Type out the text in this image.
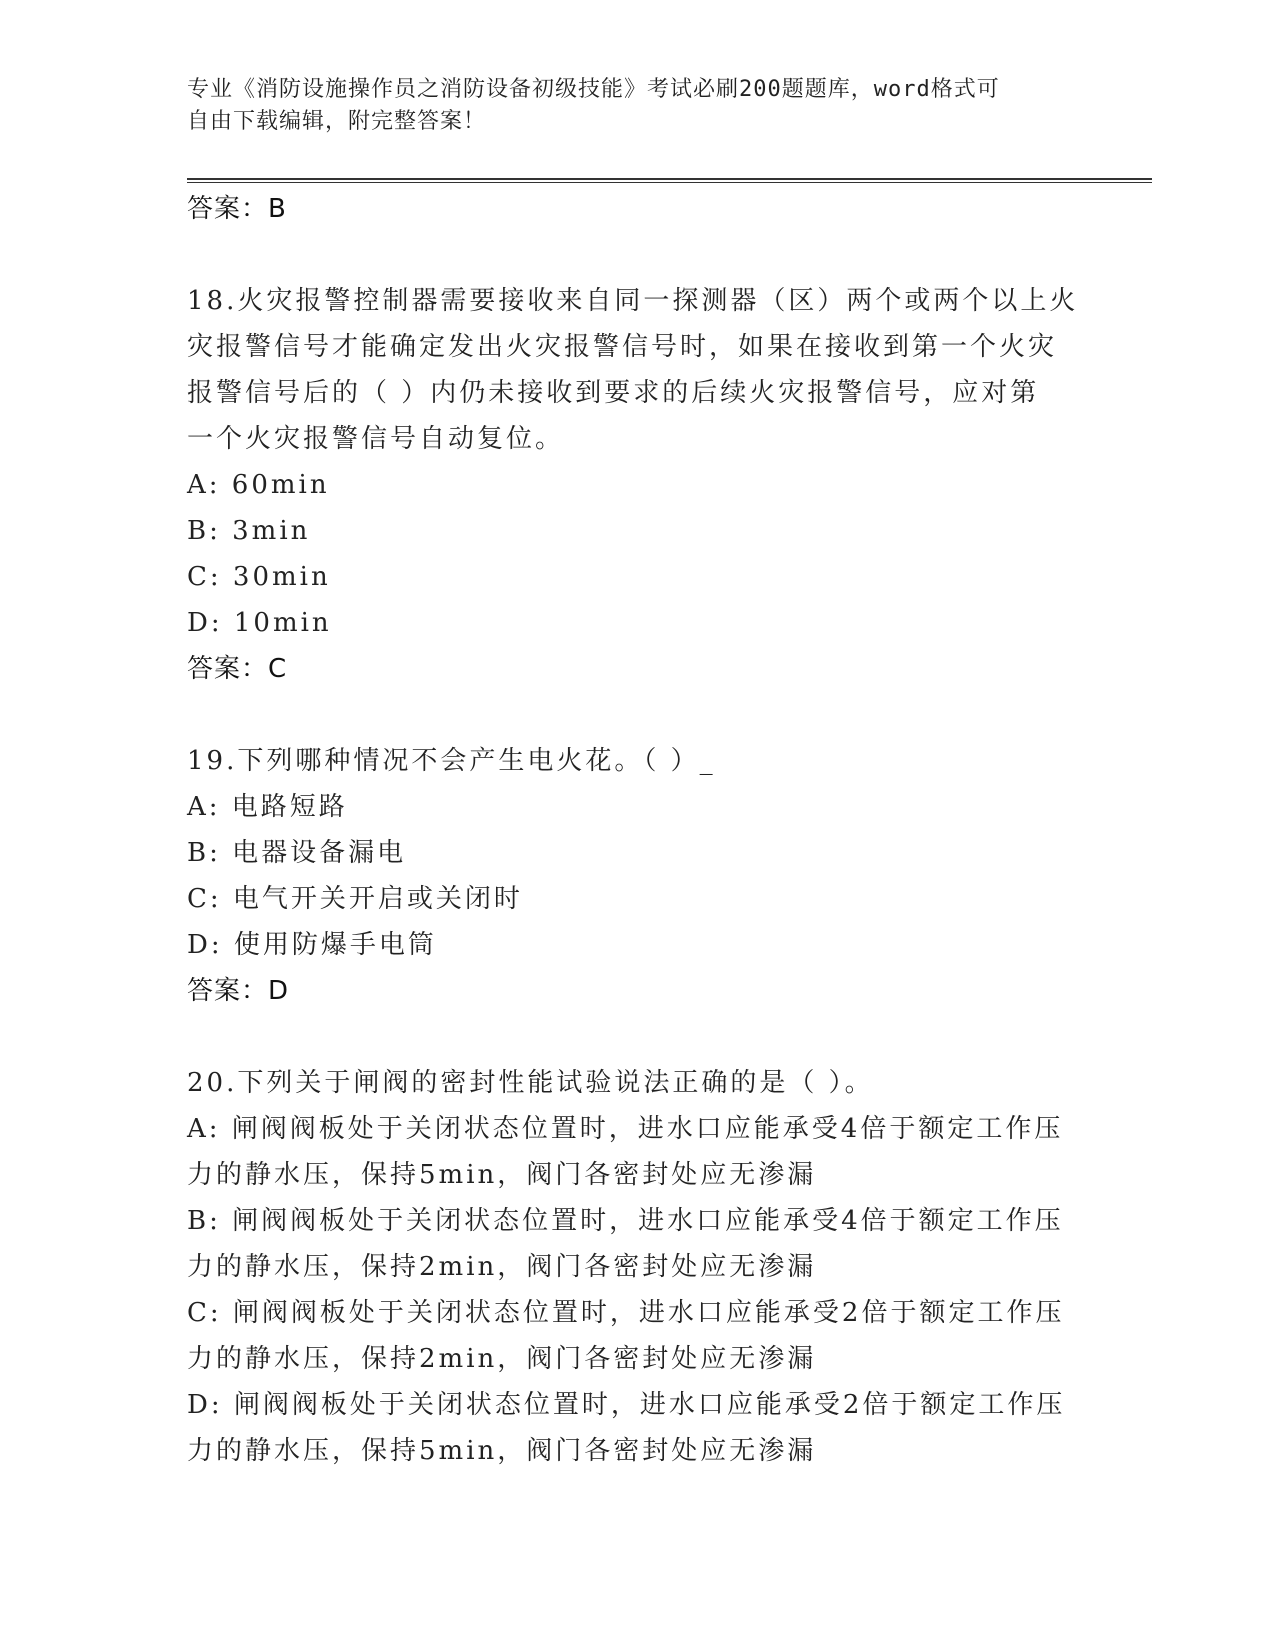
专业《消防设施操作员之消防设备初级技能》考试必刷200题题库，word格式可
自由下载编辑，附完整答案！
答案：B
18.火灾报警控制器需要接收来自同一探测器（区）两个或两个以上火
灾报警信号才能确定发出火灾报警信号时，如果在接收到第一个火灾
报警信号后的（ ）内仍未接收到要求的后续火灾报警信号，应对第
一个火灾报警信号自动复位。
A: 60min
B: 3min
C: 30min
D: 10min
答案：C
19.下列哪种情况不会产生电火花。（ ）_
A: 电路短路
B: 电器设备漏电
C: 电气开关开启或关闭时
D: 使用防爆手电筒
答案：D
20.下列关于闸阀的密封性能试验说法正确的是（ ）。
A: 闸阀阀板处于关闭状态位置时，进水口应能承受4倍于额定工作压
力的静水压，保持5min，阀门各密封处应无渗漏
B: 闸阀阀板处于关闭状态位置时，进水口应能承受4倍于额定工作压
力的静水压，保持2min，阀门各密封处应无渗漏
C: 闸阀阀板处于关闭状态位置时，进水口应能承受2倍于额定工作压
力的静水压，保持2min，阀门各密封处应无渗漏
D: 闸阀阀板处于关闭状态位置时，进水口应能承受2倍于额定工作压
力的静水压，保持5min，阀门各密封处应无渗漏
